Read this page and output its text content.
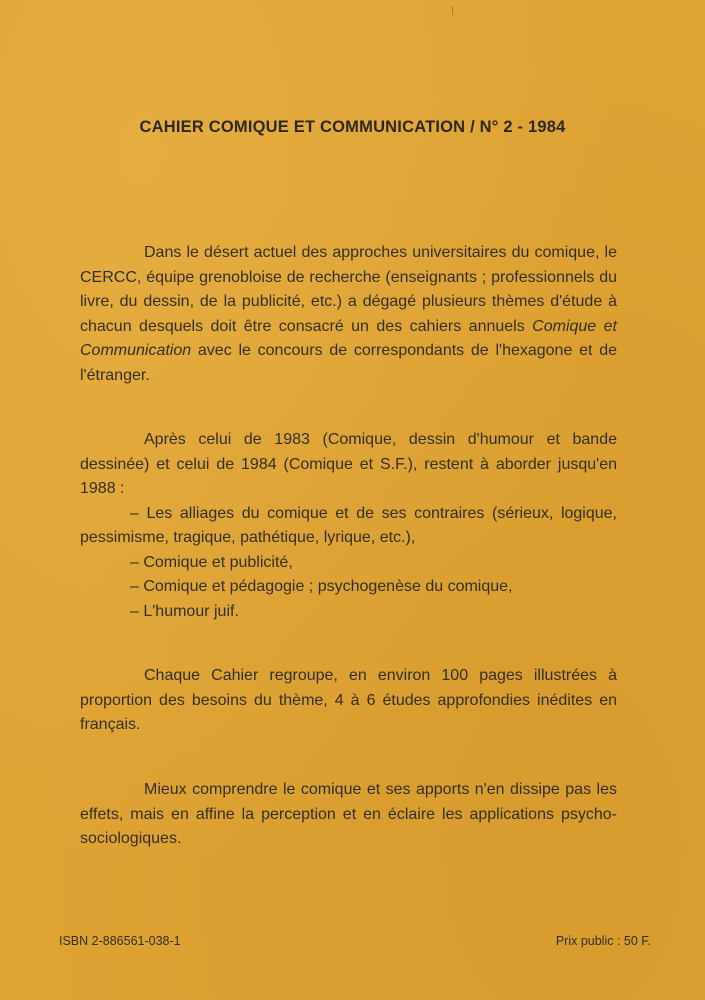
CAHIER COMIQUE ET COMMUNICATION / N° 2 - 1984

Dans le désert actuel des approches universitaires du comique, le CERCC, équipe grenobloise de recherche (enseignants ; professionnels du livre, du dessin, de la publicité, etc.) a dégagé plusieurs thèmes d'étude à chacun desquels doit être consacré un des cahiers annuels Comique et Communication avec le concours de correspondants de l'hexagone et de l'étranger.

Après celui de 1983 (Comique, dessin d'humour et bande dessinée) et celui de 1984 (Comique et S.F.), restent à aborder jusqu'en 1988 :

– Les alliages du comique et de ses contraires (sérieux, logique, pessimisme, tragique, pathétique, lyrique, etc.),

– Comique et publicité,

– Comique et pédagogie ; psychogenèse du comique,

– L'humour juif.

Chaque Cahier regroupe, en environ 100 pages illustrées à proportion des besoins du thème, 4 à 6 études approfondies inédites en français.

Mieux comprendre le comique et ses apports n'en dissipe pas les effets, mais en affine la perception et en éclaire les applications psycho-sociologiques.

ISBN 2-886561-038-1	Prix public : 50 F.
